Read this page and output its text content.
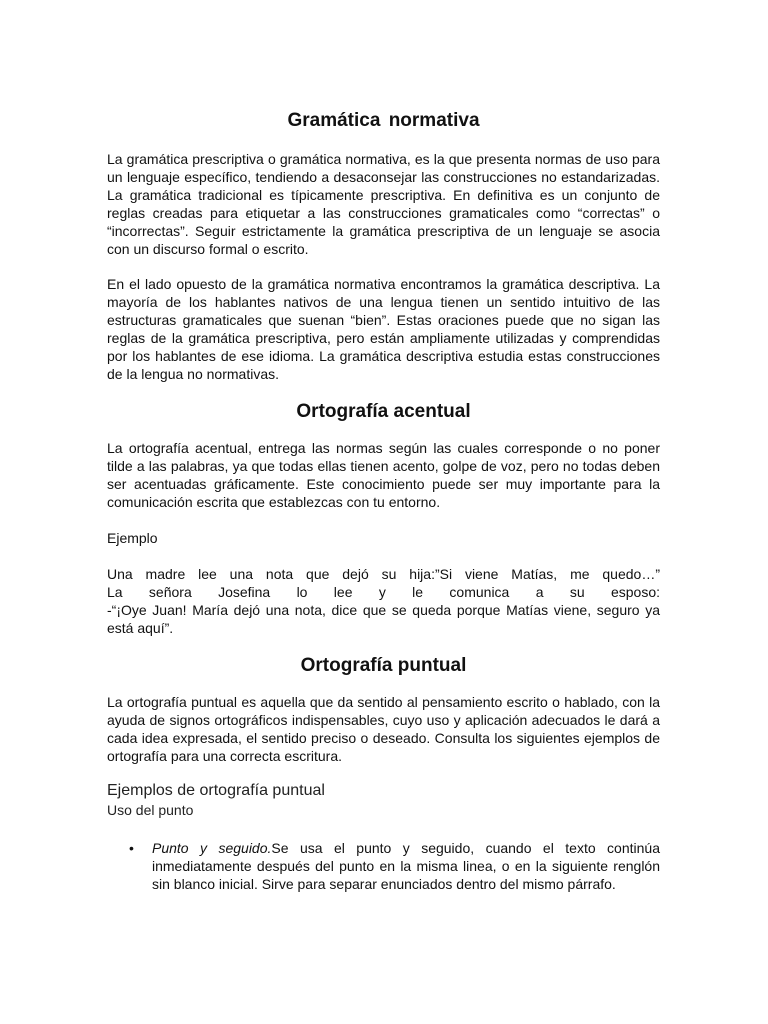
Gramática normativa

La gramática prescriptiva o gramática normativa, es la que presenta normas de uso para un lenguaje específico, tendiendo a desaconsejar las construcciones no estandarizadas. La gramática tradicional es típicamente prescriptiva. En definitiva es un conjunto de reglas creadas para etiquetar a las construcciones gramaticales como “correctas” o “incorrectas”. Seguir estrictamente la gramática prescriptiva de un lenguaje se asocia con un discurso formal o escrito.

En el lado opuesto de la gramática normativa encontramos la gramática descriptiva. La mayoría de los hablantes nativos de una lengua tienen un sentido intuitivo de las estructuras gramaticales que suenan “bien”. Estas oraciones puede que no sigan las reglas de la gramática prescriptiva, pero están ampliamente utilizadas y comprendidas por los hablantes de ese idioma. La gramática descriptiva estudia estas construcciones de la lengua no normativas.

Ortografía acentual

La ortografía acentual, entrega las normas según las cuales corresponde o no poner tilde a las palabras, ya que todas ellas tienen acento, golpe de voz, pero no todas deben ser acentuadas gráficamente. Este conocimiento puede ser muy importante para la comunicación escrita que establezcas con tu entorno.

Ejemplo

Una madre lee una nota que dejó su hija:”Si viene Matías, me quedo…”
La señora Josefina lo lee y le comunica a su esposo:
-“¡Oye Juan! María dejó una nota, dice que se queda porque Matías viene, seguro ya está aquí”.

Ortografía puntual

La ortografía puntual es aquella que da sentido al pensamiento escrito o hablado, con la ayuda de signos ortográficos indispensables, cuyo uso y aplicación adecuados le dará a cada idea expresada, el sentido preciso o deseado. Consulta los siguientes ejemplos de ortografía para una correcta escritura.

Ejemplos de ortografía puntual
Uso del punto
• Punto y seguido.Se usa el punto y seguido, cuando el texto continúa inmediatamente después del punto en la misma linea, o en la siguiente renglón sin blanco inicial. Sirve para separar enunciados dentro del mismo párrafo.
